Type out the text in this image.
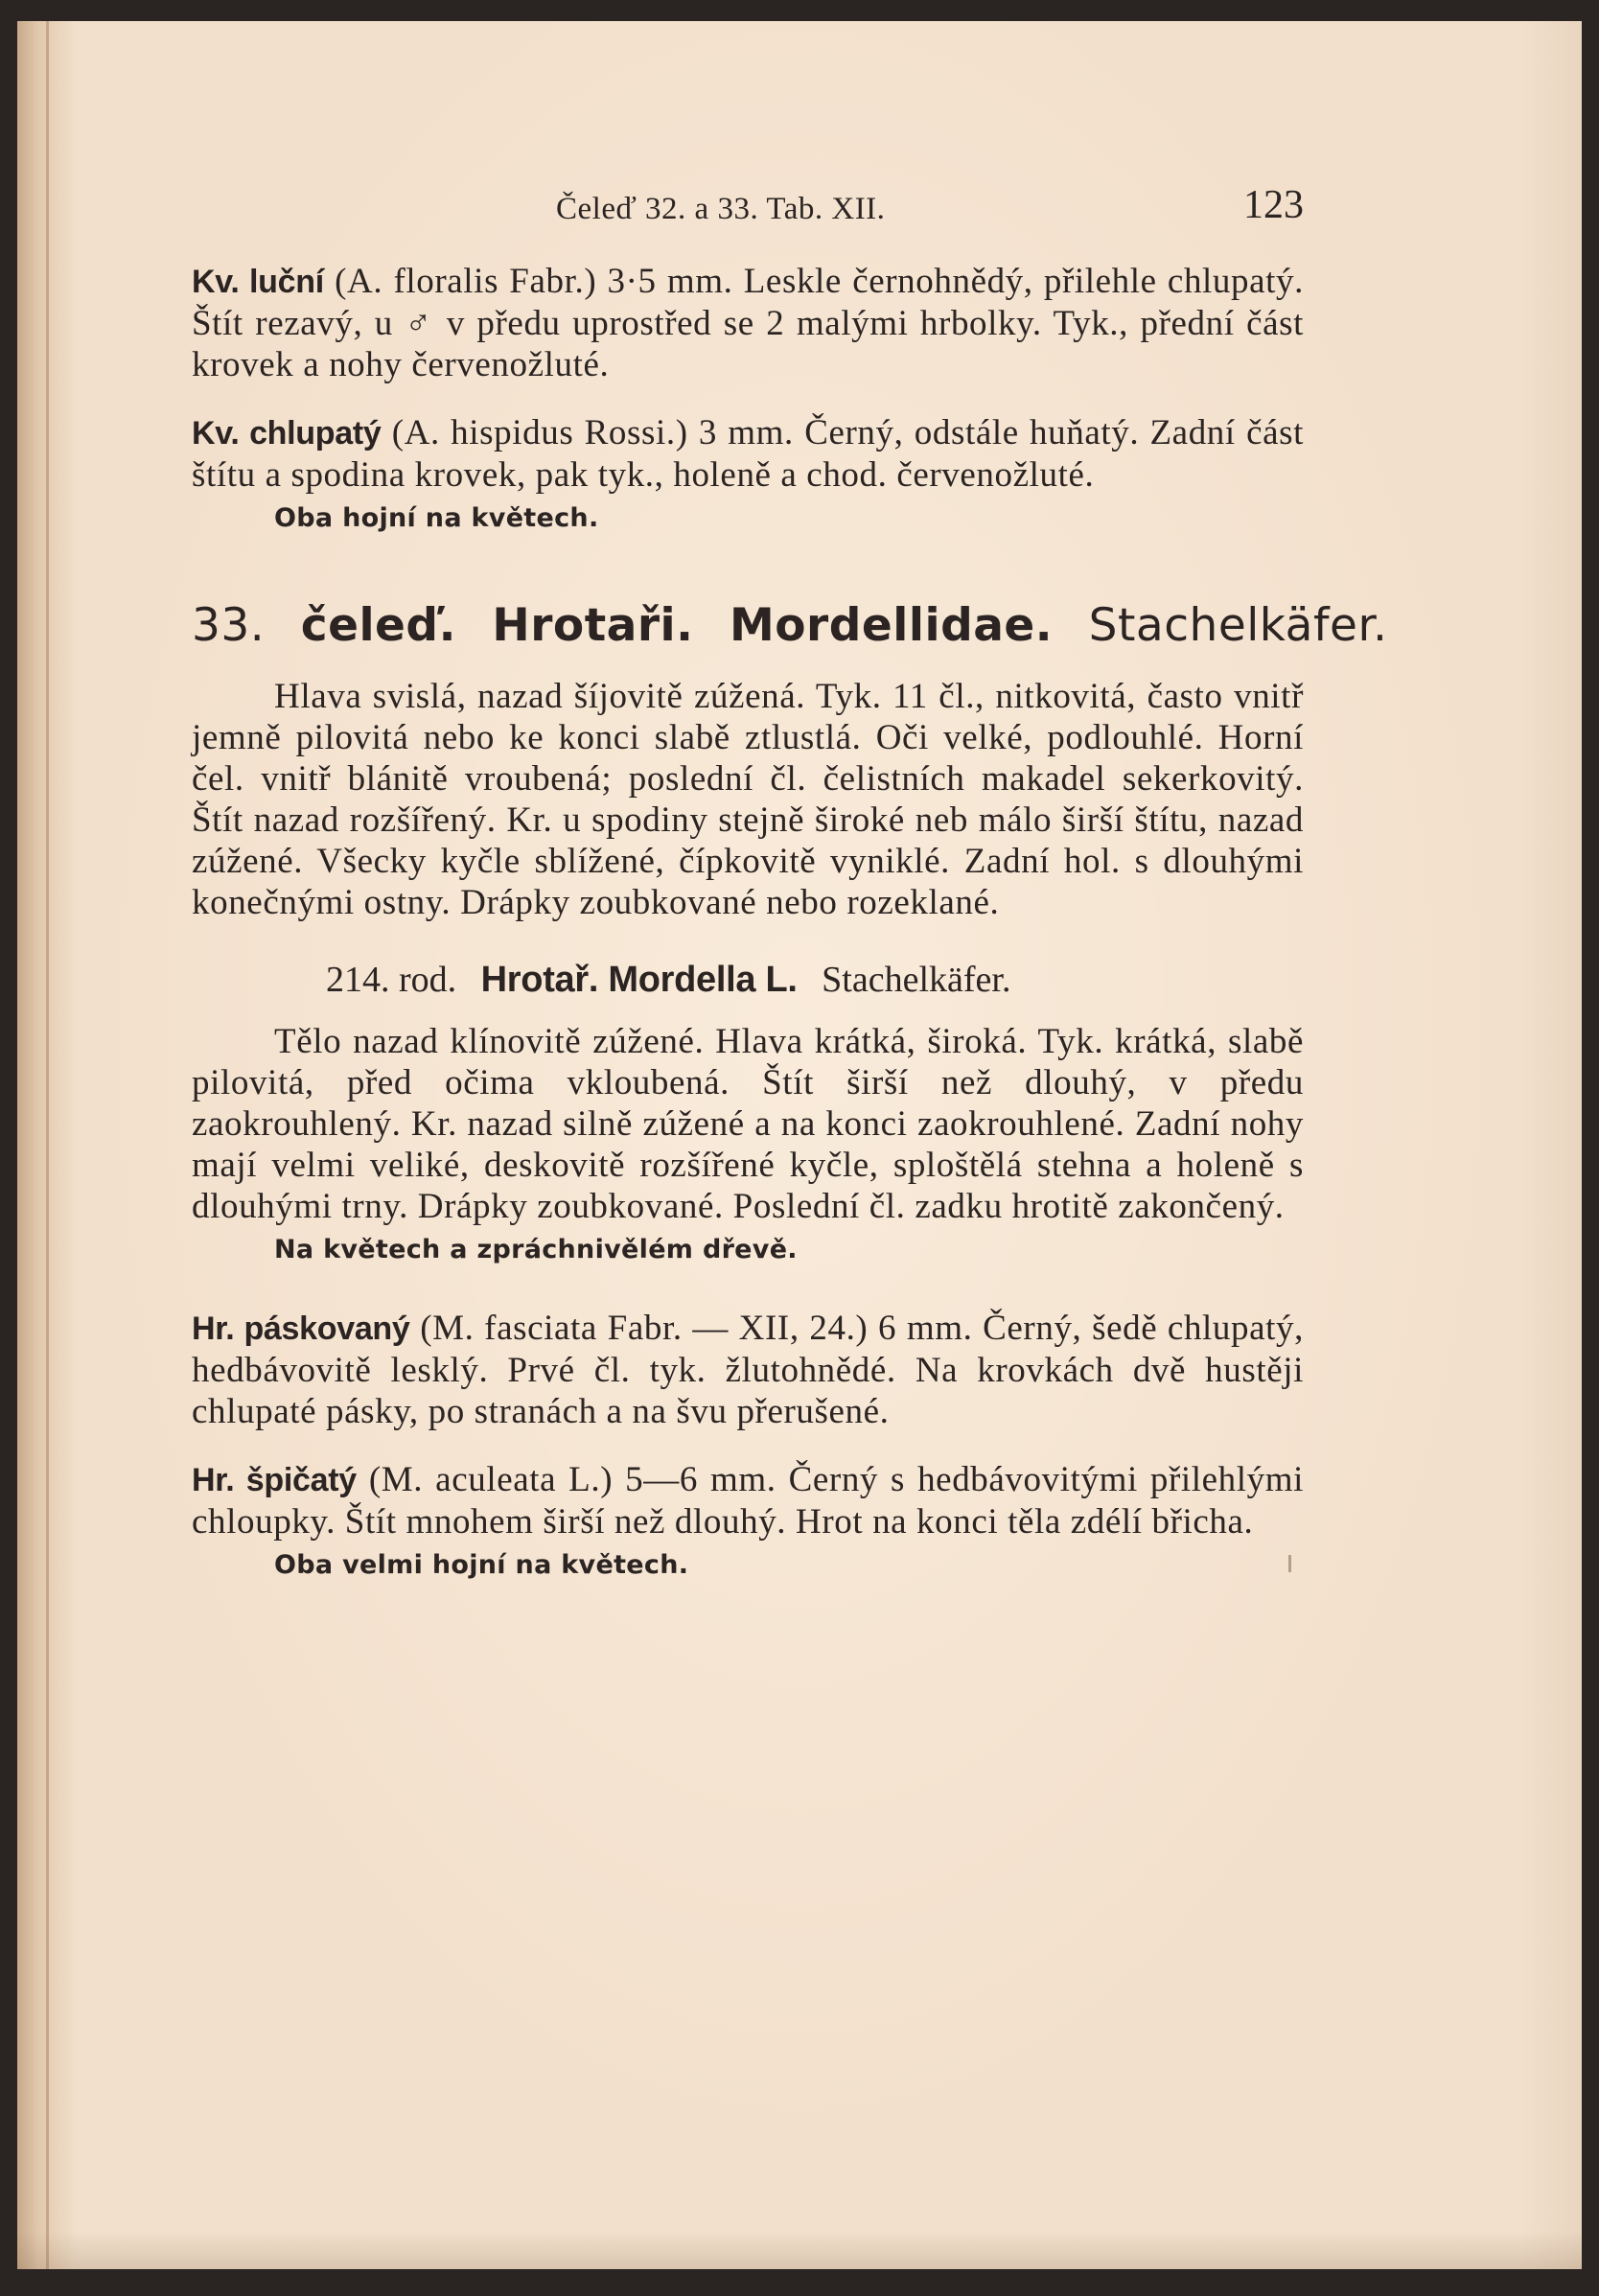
Čeleď 32. a 33. Tab. XII.	123

Kv. luční (A. floralis Fabr.) 3·5 mm. Leskle černohnědý, přilehle chlupatý. Štít rezavý, u ♂ v předu uprostřed se 2 malými hrbolky. Tyk., přední část krovek a nohy červenožluté.

Kv. chlupatý (A. hispidus Rossi.) 3 mm. Černý, odstále huňatý. Zadní část štítu a spodina krovek, pak tyk., holeně a chod. červenožluté.

Oba hojní na květech.
33. čeleď. Hrotaři. Mordellidae. Stachelkäfer.

Hlava svislá, nazad šíjovitě zúžená. Tyk. 11 čl., nitkovitá, často vnitř jemně pilovitá nebo ke konci slabě ztlustlá. Oči velké, podlouhlé. Horní čel. vnitř blánitě vroubená; poslední čl. čelistních makadel sekerkovitý. Štít nazad rozšířený. Kr. u spodiny stejně široké neb málo širší štítu, nazad zúžené. Všecky kyčle sblížené, čípkovitě vyniklé. Zadní hol. s dlouhými konečnými ostny. Drápky zoubkované nebo rozeklané.

214. rod. Hrotař. Mordella L. Stachelkäfer.

Tělo nazad klínovitě zúžené. Hlava krátká, široká. Tyk. krátká, slabě pilovitá, před očima vkloubená. Štít širší než dlouhý, v předu zaokrouhlený. Kr. nazad silně zúžené a na konci zaokrouhlené. Zadní nohy mají velmi veliké, deskovitě rozšířené kyčle, sploštělá stehna a holeně s dlouhými trny. Drápky zoubkované. Poslední čl. zadku hrotitě zakončený.

Na květech a zpráchnivělém dřevě.

Hr. páskovaný (M. fasciata Fabr. — XII, 24.) 6 mm. Černý, šedě chlupatý, hedbávovitě lesklý. Prvé čl. tyk. žlutohnědé. Na krovkách dvě hustěji chlupaté pásky, po stranách a na švu přerušené.

Hr. špičatý (M. aculeata L.) 5—6 mm. Černý s hedbávovitými přilehlými chloupky. Štít mnohem širší než dlouhý. Hrot na konci těla zdélí břicha.

Oba velmi hojní na květech.
